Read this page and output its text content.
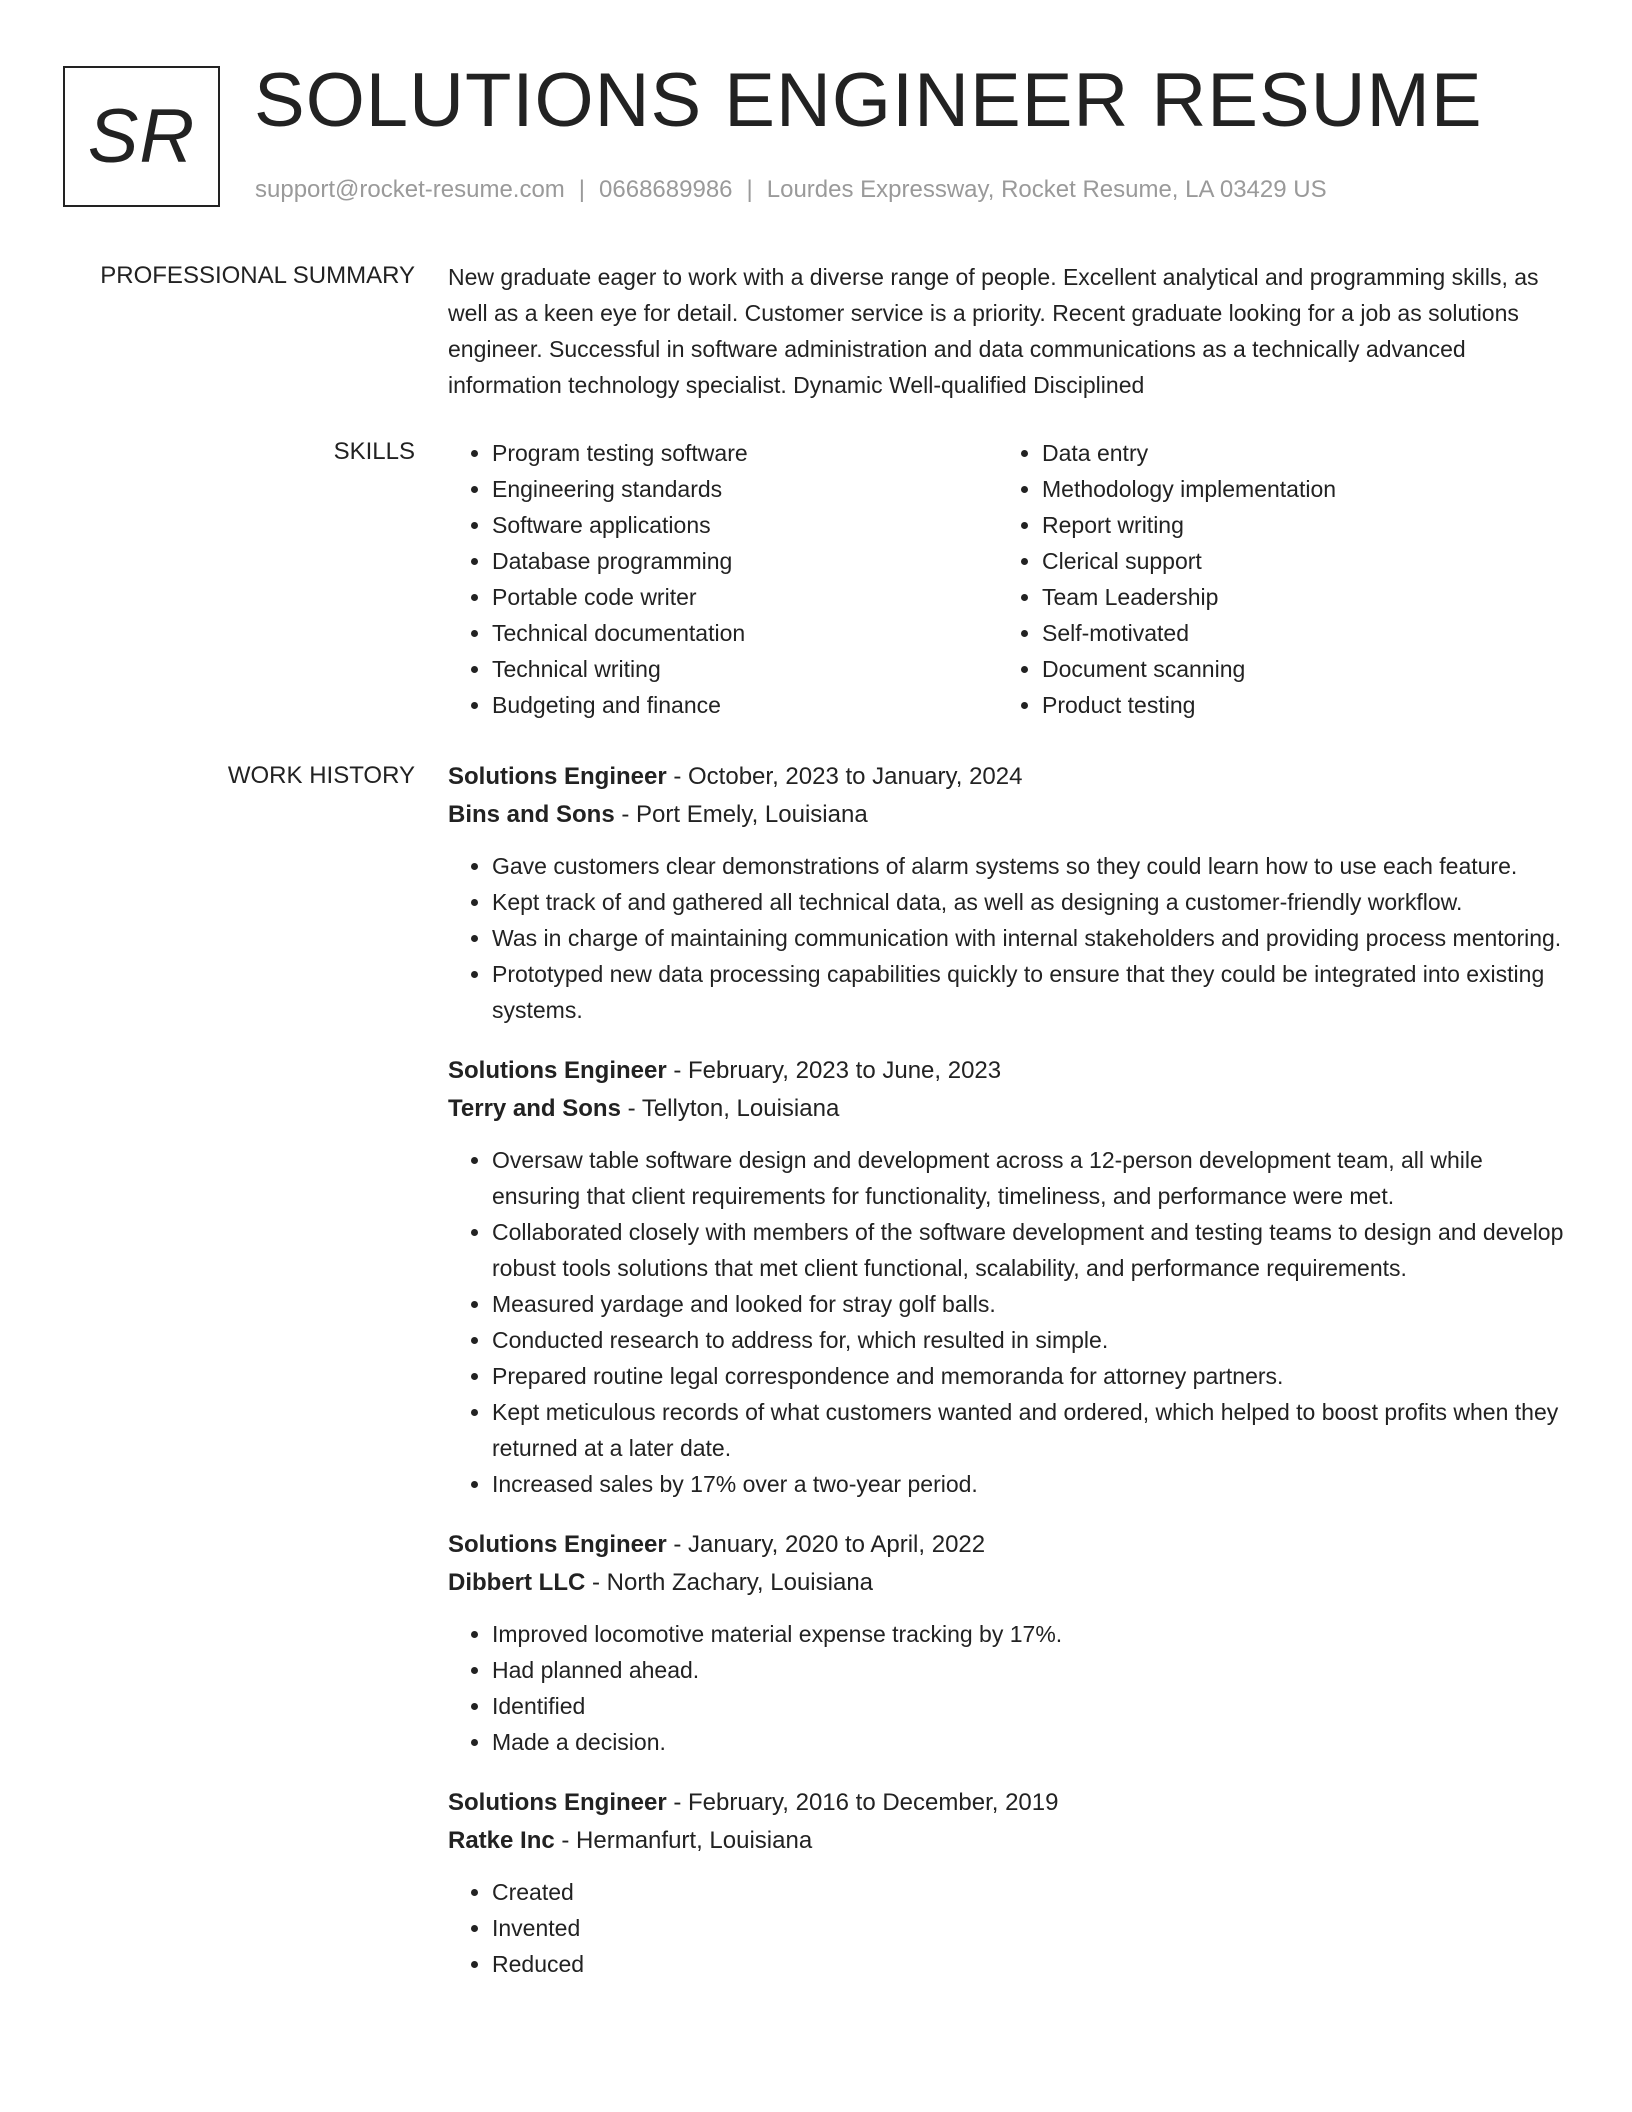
SR SOLUTIONS ENGINEER RESUME
support@rocket-resume.com | 0668689986 | Lourdes Expressway, Rocket Resume, LA 03429 US
PROFESSIONAL SUMMARY New graduate eager to work with a diverse range of people. Excellent analytical and programming skills, as well as a keen eye for detail. Customer service is a priority. Recent graduate looking for a job as solutions engineer. Successful in software administration and data communications as a technically advanced information technology specialist. Dynamic Well-qualified Disciplined

SKILLS
•	Program testing software
• Engineering standards
• Software applications
• Database programming
• Portable code writer
• Technical documentation
• Technical writing
• Budgeting and finance
• Data entry
• Methodology implementation
• Report writing
• Clerical support
• Team Leadership
• Self-motivated
• Document scanning
• Product testing
WORK HISTORY Solutions Engineer - October, 2023 to January, 2024
Bins and Sons - Port Emely, Louisiana
• Gave customers clear demonstrations of alarm systems so they could learn how to use each feature.
• Kept track of and gathered all technical data, as well as designing a customer-friendly workflow.
• Was in charge of maintaining communication with internal stakeholders and providing process mentoring.
• Prototyped new data processing capabilities quickly to ensure that they could be integrated into existing systems.
Solutions Engineer - February, 2023 to June, 2023
Terry and Sons - Tellyton, Louisiana
• Oversaw table software design and development across a 12-person development team, all while ensuring that client requirements for functionality, timeliness, and performance were met.
• Collaborated closely with members of the software development and testing teams to design and develop robust tools solutions that met client functional, scalability, and performance requirements.
• Measured yardage and looked for stray golf balls.
• Conducted research to address for, which resulted in simple.
• Prepared routine legal correspondence and memoranda for attorney partners.
• Kept meticulous records of what customers wanted and ordered, which helped to boost profits when they returned at a later date.
• Increased sales by 17% over a two-year period.
Solutions Engineer - January, 2020 to April, 2022
Dibbert LLC - North Zachary, Louisiana
• Improved locomotive material expense tracking by 17%.
• Had planned ahead.
• Identified
• Made a decision.
Solutions Engineer - February, 2016 to December, 2019
Ratke Inc - Hermanfurt, Louisiana
• Created
• Invented
• Reduced
